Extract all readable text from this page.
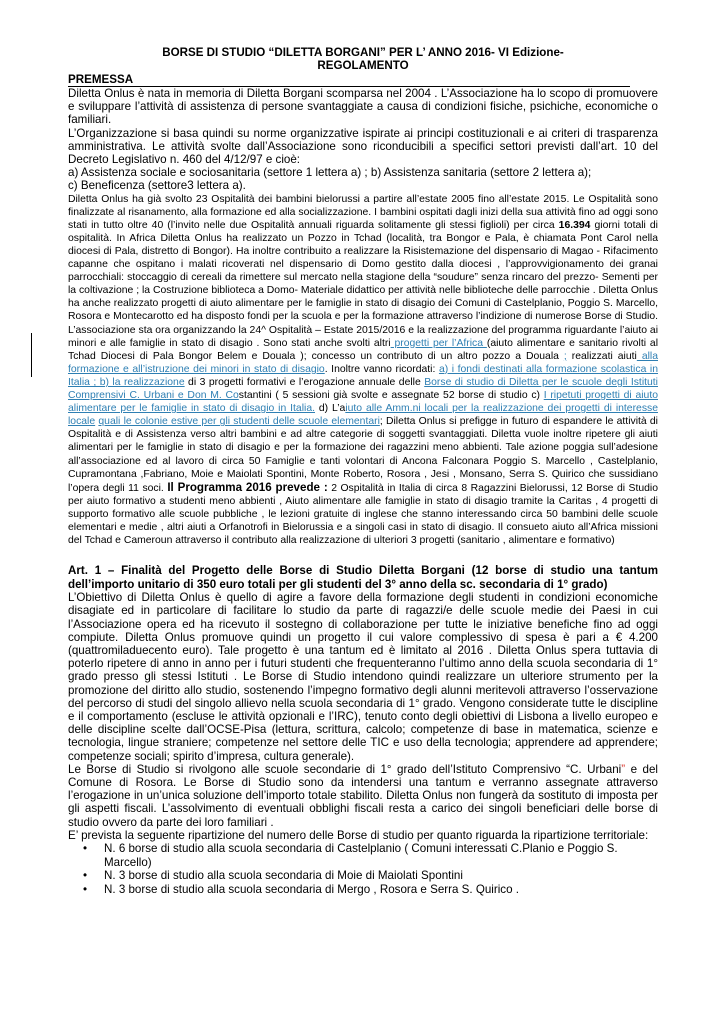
BORSE DI STUDIO “DILETTA BORGANI” PER L’ ANNO 2016- VI Edizione-

REGOLAMENTO

PREMESSA

Diletta Onlus è nata in memoria di Diletta Borgani scomparsa nel 2004 . L’Associazione ha lo scopo di promuovere e sviluppare l’attività di assistenza di persone svantaggiate a causa di condizioni fisiche, psichiche, economiche o familiari.

L’Organizzazione si basa quindi su norme organizzative ispirate ai principi costituzionali e ai criteri di trasparenza amministrativa. Le attività svolte dall’Associazione sono riconducibili a specifici settori previsti dall’art. 10 del Decreto Legislativo n. 460 del 4/12/97 e cioè:

a) Assistenza sociale e sociosanitaria (settore 1 lettera a) ; b) Assistenza sanitaria (settore 2 lettera a);

c) Beneficenza (settore3 lettera a).

Diletta Onlus ha già svolto 23 Ospitalità dei bambini bielorussi a partire all’estate 2005 fino all’estate 2015. Le Ospitalità sono finalizzate al risanamento, alla formazione ed alla socializzazione. I bambini ospitati dagli inizi della sua attività fino ad oggi sono stati in tutto oltre 40 (l’invito nelle due Ospitalità annuali riguarda solitamente gli stessi figlioli) per circa 16.394 giorni totali di ospitalità. In Africa Diletta Onlus ha realizzato un Pozzo in Tchad (località, tra Bongor e Pala, è chiamata Pont Carol nella diocesi di Pala, distretto di Bongor). Ha inoltre contribuito a realizzare la Risistemazione del dispensario di Magao - Rifacimento capanne che ospitano i malati ricoverati nel dispensario di Domo gestito dalla diocesi , l’approvvigionamento dei granai parrocchiali: stoccaggio di cereali da rimettere sul mercato nella stagione della “soudure” senza rincaro del prezzo- Sementi per la coltivazione ; la Costruzione biblioteca a Domo- Materiale didattico per attività nelle biblioteche delle parrocchie . Diletta Onlus ha anche realizzato progetti di aiuto alimentare per le famiglie in stato di disagio dei Comuni di Castelplanio, Poggio S. Marcello, Rosora e Montecarotto ed ha disposto fondi per la scuola e per la formazione attraverso l’indizione di numerose Borse di Studio. L’associazione sta ora organizzando la 24^ Ospitalità – Estate 2015/2016 e la realizzazione del programma riguardante l’aiuto ai minori e alle famiglie in stato di disagio . Sono stati anche svolti altri progetti per l’Africa (aiuto alimentare e sanitario rivolti al Tchad Diocesi di Pala Bongor Belem e Douala ); concesso un contributo di un altro pozzo a Douala ; realizzati aiuti alla formazione e all’istruzione dei minori in stato di disagio. Inoltre vanno ricordati: a) i fondi destinati alla formazione scolastica in Italia ; b) la realizzazione di 3 progetti formativi e l’erogazione annuale delle Borse di studio di Diletta per le scuole degli Istituti Comprensivi C. Urbani e Don M. Costantini ( 5 sessioni già svolte e assegnate 52 borse di studio c) I ripetuti progetti di aiuto alimentare per le famiglie in stato di disagio in Italia. d) L’aiuto alle Amm.ni locali per la realizzazione dei progetti di interesse locale quali le colonie estive per gli studenti delle scuole elementari; Diletta Onlus si prefigge in futuro di espandere le attività di Ospitalità e di Assistenza verso altri bambini e ad altre categorie di soggetti svantaggiati. Diletta vuole inoltre ripetere gli aiuti alimentari per le famiglie in stato di disagio e per la formazione dei ragazzini meno abbienti. Tale azione poggia sull’adesione all’associazione ed al lavoro di circa 50 Famiglie e tanti volontari di Ancona Falconara Poggio S. Marcello , Castelplanio, Cupramontana ,Fabriano, Moie e Maiolati Spontini, Monte Roberto, Rosora , Jesi , Monsano, Serra S. Quirico che sussidiano l’opera degli 11 soci. Il Programma 2016 prevede : 2 Ospitalità in Italia di circa 8 Ragazzini Bielorussi, 12 Borse di Studio per aiuto formativo a studenti meno abbienti , Aiuto alimentare alle famiglie in stato di disagio tramite la Caritas , 4 progetti di supporto formativo alle scuole pubbliche , le lezioni gratuite di inglese che stanno interessando circa 50 bambini delle scuole elementari e medie , altri aiuti a Orfanotrofi in Bielorussia e a singoli casi in stato di disagio. Il consueto aiuto all’Africa missioni del Tchad e Cameroun attraverso il contributo alla realizzazione di ulteriori 3 progetti (sanitario , alimentare e formativo)

Art. 1 – Finalità del Progetto delle Borse di Studio Diletta Borgani (12 borse di studio una tantum dell’importo unitario di 350 euro totali per gli studenti del 3° anno della sc. secondaria di 1° grado)

L’Obiettivo di Diletta Onlus è quello di agire a favore della formazione degli studenti in condizioni economiche disagiate ed in particolare di facilitare lo studio da parte di ragazzi/e delle scuole medie dei Paesi in cui l’Associazione opera ed ha ricevuto il sostegno di collaborazione per tutte le iniziative benefiche fino ad oggi compiute. Diletta Onlus promuove quindi un progetto il cui valore complessivo di spesa è pari a € 4.200 (quattromiladuecento euro). Tale progetto è una tantum ed è limitato al 2016 . Diletta Onlus spera tuttavia di poterlo ripetere di anno in anno per i futuri studenti che frequenteranno l’ultimo anno della scuola secondaria di 1° grado presso gli stessi Istituti . Le Borse di Studio intendono quindi realizzare un ulteriore strumento per la promozione del diritto allo studio, sostenendo l’impegno formativo degli alunni meritevoli attraverso l’osservazione del percorso di studi del singolo allievo nella scuola secondaria di 1° grado. Vengono considerate tutte le discipline e il comportamento (escluse le attività opzionali e l’IRC), tenuto conto degli obiettivi di Lisbona a livello europeo e delle discipline scelte dall’OCSE-Pisa (lettura, scrittura, calcolo; competenze di base in matematica, scienze e tecnologia, lingue straniere; competenze nel settore delle TIC e uso della tecnologia; apprendere ad apprendere; competenze sociali; spirito d’impresa, cultura generale).

Le Borse di Studio si rivolgono alle scuole secondarie di 1° grado dell’Istituto Comprensivo “C. Urbani” e del Comune di Rosora. Le Borse di Studio sono da intendersi una tantum e verranno assegnate attraverso l’erogazione in un’unica soluzione dell’importo totale stabilito. Diletta Onlus non fungerà da sostituto di imposta per gli aspetti fiscali. L’assolvimento di eventuali obblighi fiscali resta a carico dei singoli beneficiari delle borse di studio ovvero da parte dei loro familiari .

E’ prevista la seguente ripartizione del numero delle Borse di studio per quanto riguarda la ripartizione territoriale:

• N. 6 borse di studio alla scuola secondaria di Castelplanio ( Comuni interessati C.Planio e Poggio S. Marcello)
• N. 3 borse di studio alla scuola secondaria di Moie di Maiolati Spontini
• N. 3 borse di studio alla scuola secondaria di Mergo , Rosora e Serra S. Quirico .
